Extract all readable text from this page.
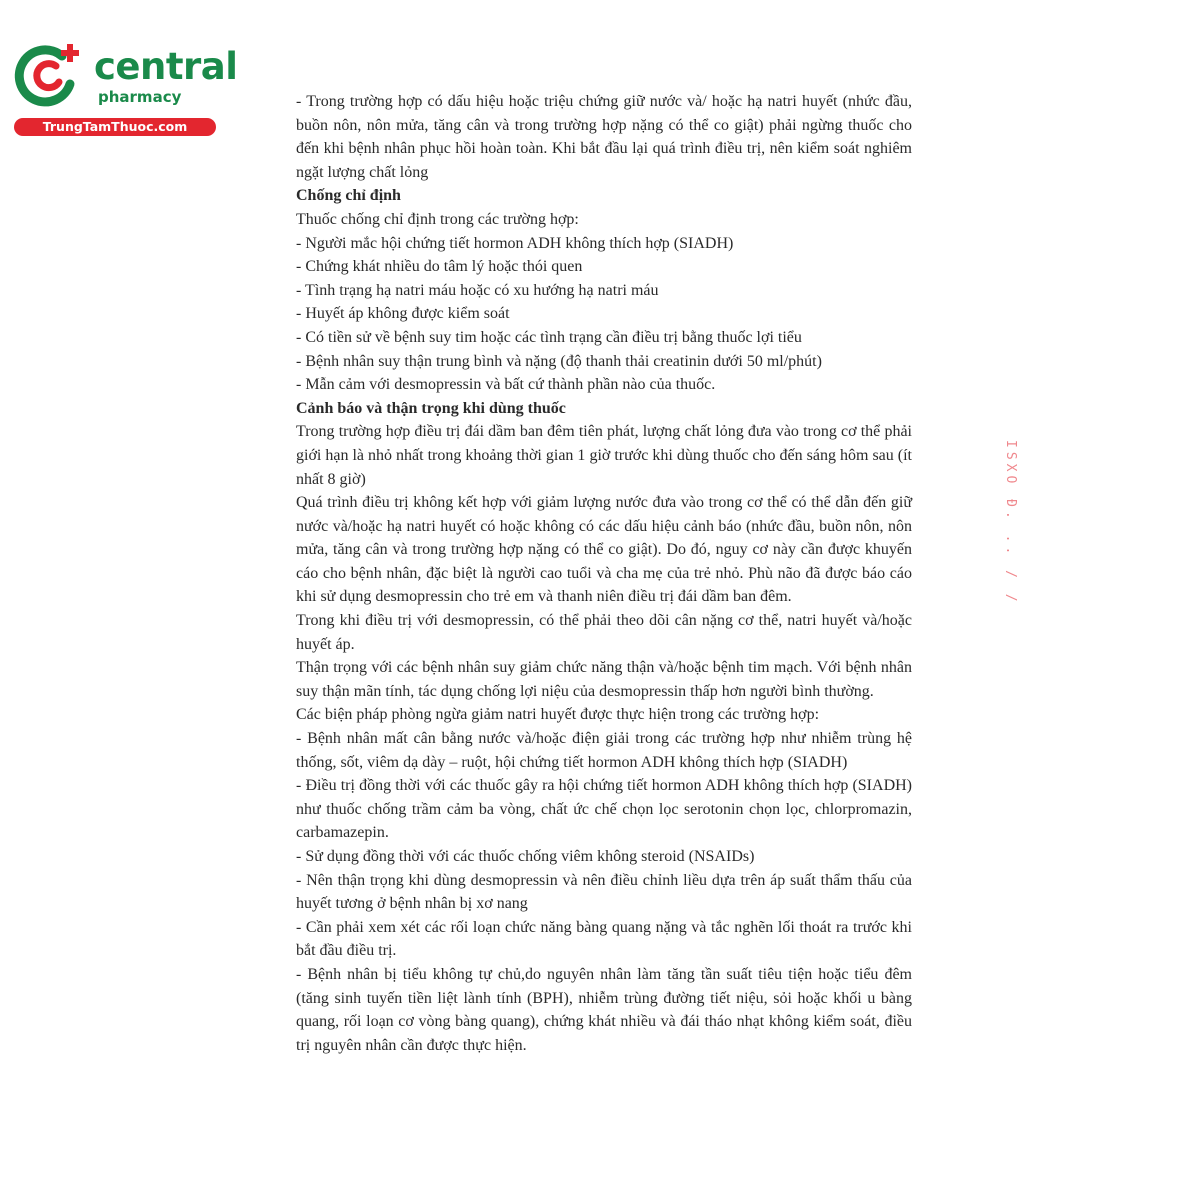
central
pharmacy
TrungTamThuoc.com

- Trong trường hợp có dấu hiệu hoặc triệu chứng giữ nước và/ hoặc hạ natri huyết (nhức đầu, buồn nôn, nôn mửa, tăng cân và trong trường hợp nặng có thể co giật) phải ngừng thuốc cho đến khi bệnh nhân phục hồi hoàn toàn. Khi bắt đầu lại quá trình điều trị, nên kiểm soát nghiêm ngặt lượng chất lỏng

Chống chỉ định

Thuốc chống chỉ định trong các trường hợp:

- Người mắc hội chứng tiết hormon ADH không thích hợp (SIADH)

- Chứng khát nhiều do tâm lý hoặc thói quen

- Tình trạng hạ natri máu hoặc có xu hướng hạ natri máu

- Huyết áp không được kiểm soát

- Có tiền sử về bệnh suy tim hoặc các tình trạng cần điều trị bằng thuốc lợi tiểu

- Bệnh nhân suy thận trung bình và nặng (độ thanh thải creatinin dưới 50 ml/phút)

- Mẫn cảm với desmopressin và bất cứ thành phần nào của thuốc.

Cảnh báo và thận trọng khi dùng thuốc

Trong trường hợp điều trị đái dầm ban đêm tiên phát, lượng chất lỏng đưa vào trong cơ thể phải giới hạn là nhỏ nhất trong khoảng thời gian 1 giờ trước khi dùng thuốc cho đến sáng hôm sau (ít nhất 8 giờ)

Quá trình điều trị không kết hợp với giảm lượng nước đưa vào trong cơ thể có thể dẫn đến giữ nước và/hoặc hạ natri huyết có hoặc không có các dấu hiệu cảnh báo (nhức đầu, buồn nôn, nôn mửa, tăng cân và trong trường hợp nặng có thể co giật). Do đó, nguy cơ này cần được khuyến cáo cho bệnh nhân, đặc biệt là người cao tuổi và cha mẹ của trẻ nhỏ. Phù não đã được báo cáo khi sử dụng desmopressin cho trẻ em và thanh niên điều trị đái dầm ban đêm.

Trong khi điều trị với desmopressin, có thể phải theo dõi cân nặng cơ thể, natri huyết và/hoặc huyết áp.

Thận trọng với các bệnh nhân suy giảm chức năng thận và/hoặc bệnh tim mạch. Với bệnh nhân suy thận mãn tính, tác dụng chống lợi niệu của desmopressin thấp hơn người bình thường.

Các biện pháp phòng ngừa giảm natri huyết được thực hiện trong các trường hợp:

- Bệnh nhân mất cân bằng nước và/hoặc điện giải trong các trường hợp như nhiễm trùng hệ thống, sốt, viêm dạ dày – ruột, hội chứng tiết hormon ADH không thích hợp (SIADH)

- Điều trị đồng thời với các thuốc gây ra hội chứng tiết hormon ADH không thích hợp (SIADH) như thuốc chống trầm cảm ba vòng, chất ức chế chọn lọc serotonin chọn lọc, chlorpromazin, carbamazepin.

- Sử dụng đồng thời với các thuốc chống viêm không steroid (NSAIDs)

- Nên thận trọng khi dùng desmopressin và nên điều chỉnh liều dựa trên áp suất thẩm thấu của huyết tương ở bệnh nhân bị xơ nang

- Cần phải xem xét các rối loạn chức năng bàng quang nặng và tắc nghẽn lối thoát ra trước khi bắt đầu điều trị.

- Bệnh nhân bị tiểu không tự chủ,do nguyên nhân làm tăng tần suất tiêu tiện hoặc tiểu đêm (tăng sinh tuyến tiền liệt lành tính (BPH), nhiễm trùng đường tiết niệu, sỏi hoặc khối u bàng quang, rối loạn cơ vòng bàng quang), chứng khát nhiều và đái tháo nhạt không kiểm soát, điều trị nguyên nhân cần được thực hiện.

ISXO Đ. .. / /
